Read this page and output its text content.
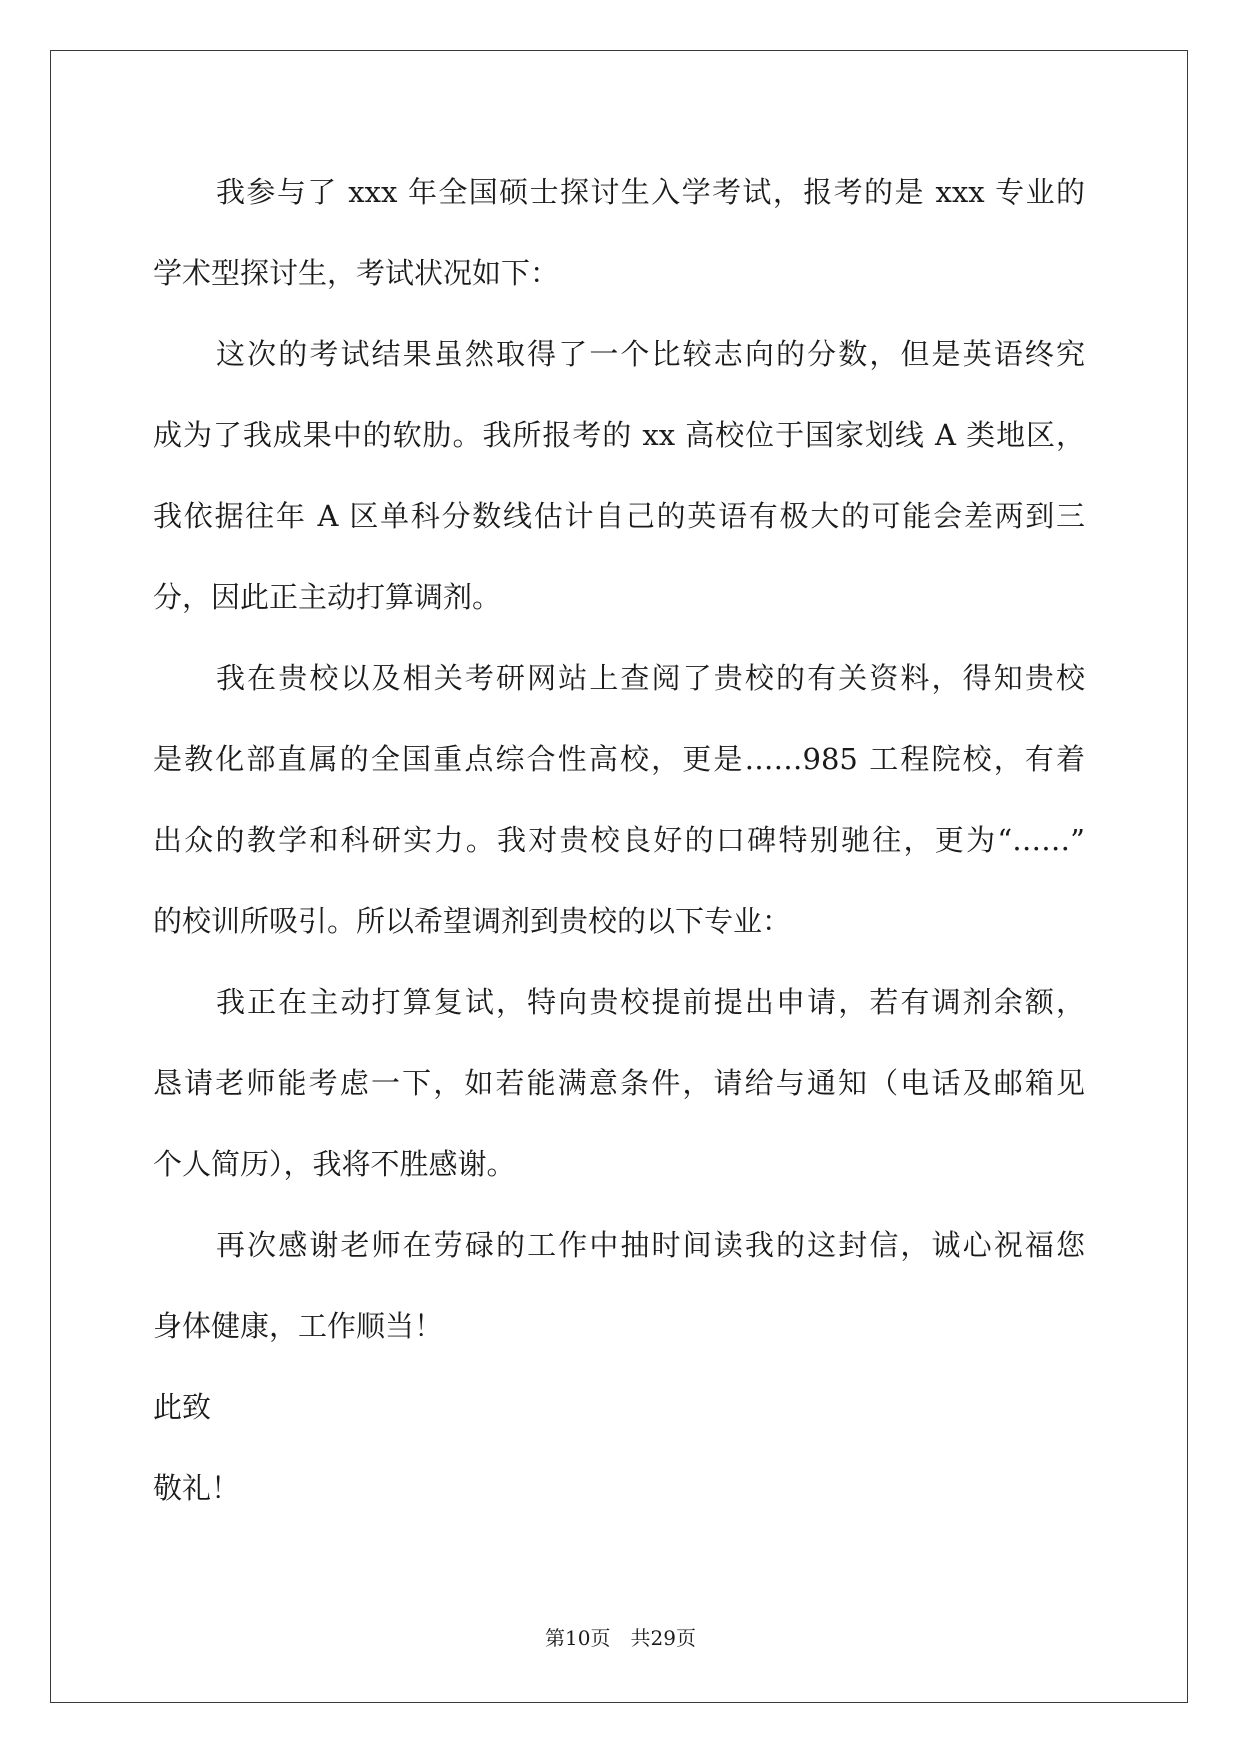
我参与了 xxx 年全国硕士探讨生入学考试，报考的是 xxx 专业的
学术型探讨生，考试状况如下：
这次的考试结果虽然取得了一个比较志向的分数，但是英语终究
成为了我成果中的软肋。我所报考的 xx 高校位于国家划线 A 类地区，
我依据往年 A 区单科分数线估计自己的英语有极大的可能会差两到三
分，因此正主动打算调剂。
我在贵校以及相关考研网站上查阅了贵校的有关资料，得知贵校
是教化部直属的全国重点综合性高校，更是……985 工程院校，有着
出众的教学和科研实力。我对贵校良好的口碑特别驰往，更为“……”
的校训所吸引。所以希望调剂到贵校的以下专业：
我正在主动打算复试，特向贵校提前提出申请，若有调剂余额，
恳请老师能考虑一下，如若能满意条件，请给与通知（电话及邮箱见
个人简历），我将不胜感谢。
再次感谢老师在劳碌的工作中抽时间读我的这封信，诚心祝福您
身体健康，工作顺当！
此致
敬礼！
第10页　共29页
